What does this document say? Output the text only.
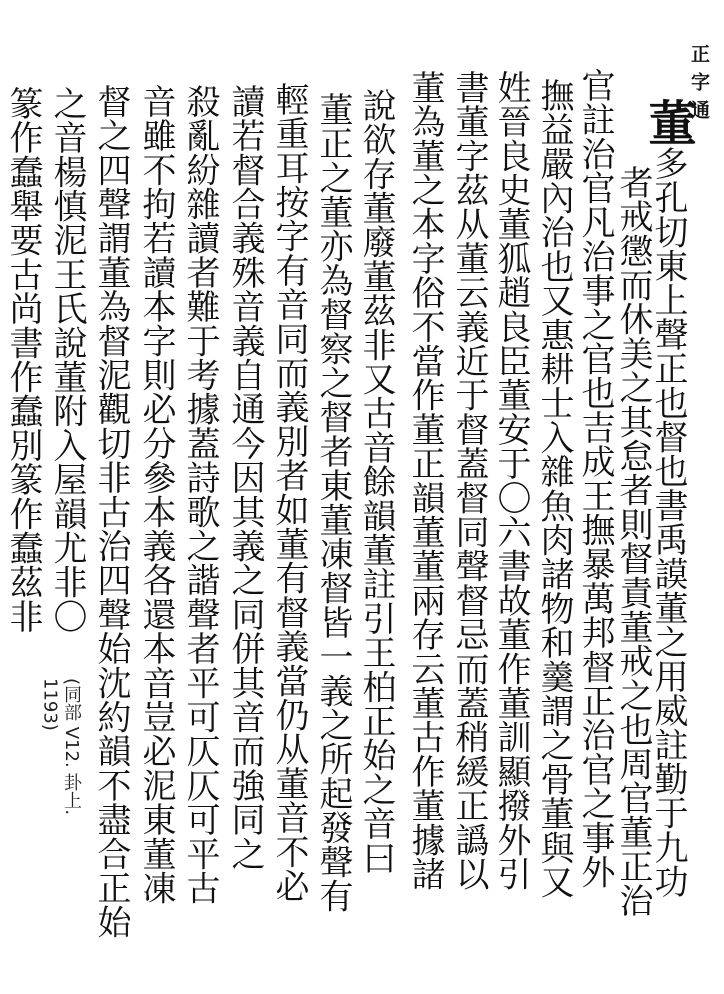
正字通
董多孔切東上聲正也督也書禹謨董之用威註勤于九功
者戒懲而休美之其怠者則督責董戒之也周官董正治
官註治官凡治事之官也吉成王撫暴萬邦督正治官之事外
撫益嚴內治也又惠耕士入雜魚肉諸物和羹謂之骨董與又
姓晉良史董狐趙良臣董安于〇六書故董作董訓顯撥外引
書董字茲从董云義近于督蓋督同聲督忌而蓋稍緩正譌以
董為董之本字俗不當作董正韻董董兩存云董古作董據諸
說欲存董廢董茲非又古音餘韻董註引王柏正始之音曰
董正之董亦為督察之督者東董凍督皆一義之所起發聲有
輕重耳按字有音同而義別者如董有督義當仍从董音不必
讀若督合義殊音義自通今因其義之同併其音而強同之
殺亂紛雜讀者難于考據蓋詩歌之諧聲者平可仄仄可平古
音雖不拘若讀本字則必分參本義各還本音豈必泥東董凍
督之四聲謂董為督泥觀切非古治四聲始沈約韻不盡合正始
(同部 V12. 卦上. 1193)
之音楊慎泥王氏說董附入屋韻尤非〇
篆作蠢舉要古尚書作蠢別篆作蠢茲非
